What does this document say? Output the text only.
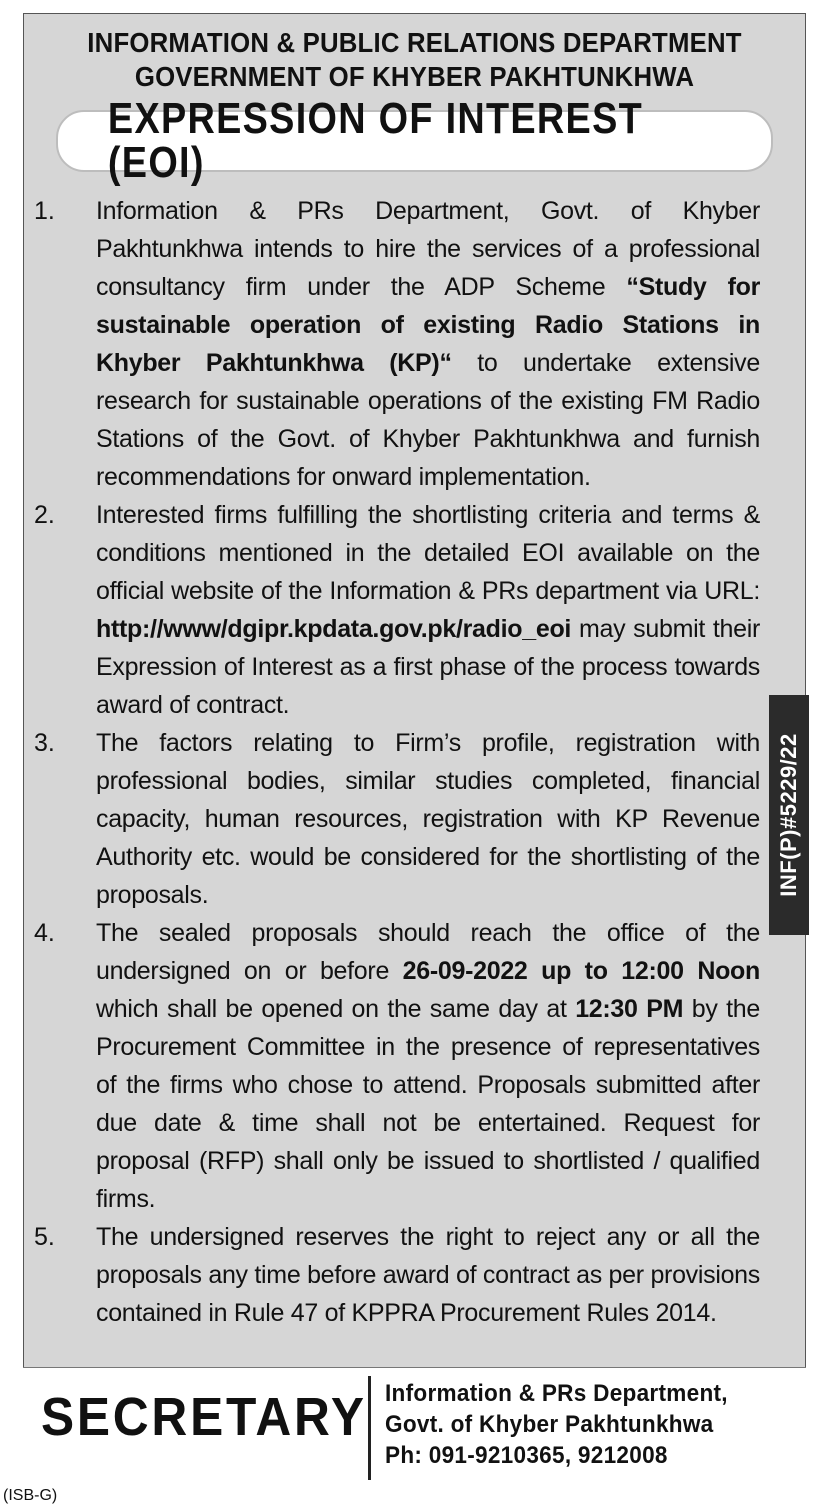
INFORMATION & PUBLIC RELATIONS DEPARTMENT
GOVERNMENT OF KHYBER PAKHTUNKHWA
EXPRESSION OF INTEREST (EOI)
1.	Information & PRs Department, Govt. of Khyber Pakhtunkhwa intends to hire the services of a professional consultancy firm under the ADP Scheme “Study for sustainable operation of existing Radio Stations in Khyber Pakhtunkhwa (KP)“ to undertake extensive research for sustainable operations of the existing FM Radio Stations of the Govt. of Khyber Pakhtunkhwa and furnish recommendations for onward implementation.
2.	Interested firms fulfilling the shortlisting criteria and terms & conditions mentioned in the detailed EOI available on the official website of the Information & PRs department via URL: http://www/dgipr.kpdata.gov.pk/radio_eoi may submit their Expression of Interest as a first phase of the process towards award of contract.
3.	The factors relating to Firm’s profile, registration with professional bodies, similar studies completed, financial capacity, human resources, registration with KP Revenue Authority etc. would be considered for the shortlisting of the proposals.
4.	The sealed proposals should reach the office of the undersigned on or before 26-09-2022 up to 12:00 Noon which shall be opened on the same day at 12:30 PM by the Procurement Committee in the presence of representatives of the firms who chose to attend. Proposals submitted after due date & time shall not be entertained. Request for proposal (RFP) shall only be issued to shortlisted / qualified firms.
5.	The undersigned reserves the right to reject any or all the proposals any time before award of contract as per provisions contained in Rule 47 of KPPRA Procurement Rules 2014.
INF(P)#5229/22
SECRETARY Information & PRs Department,
Govt. of Khyber Pakhtunkhwa
Ph: 091-9210365, 9212008
(ISB-G)
